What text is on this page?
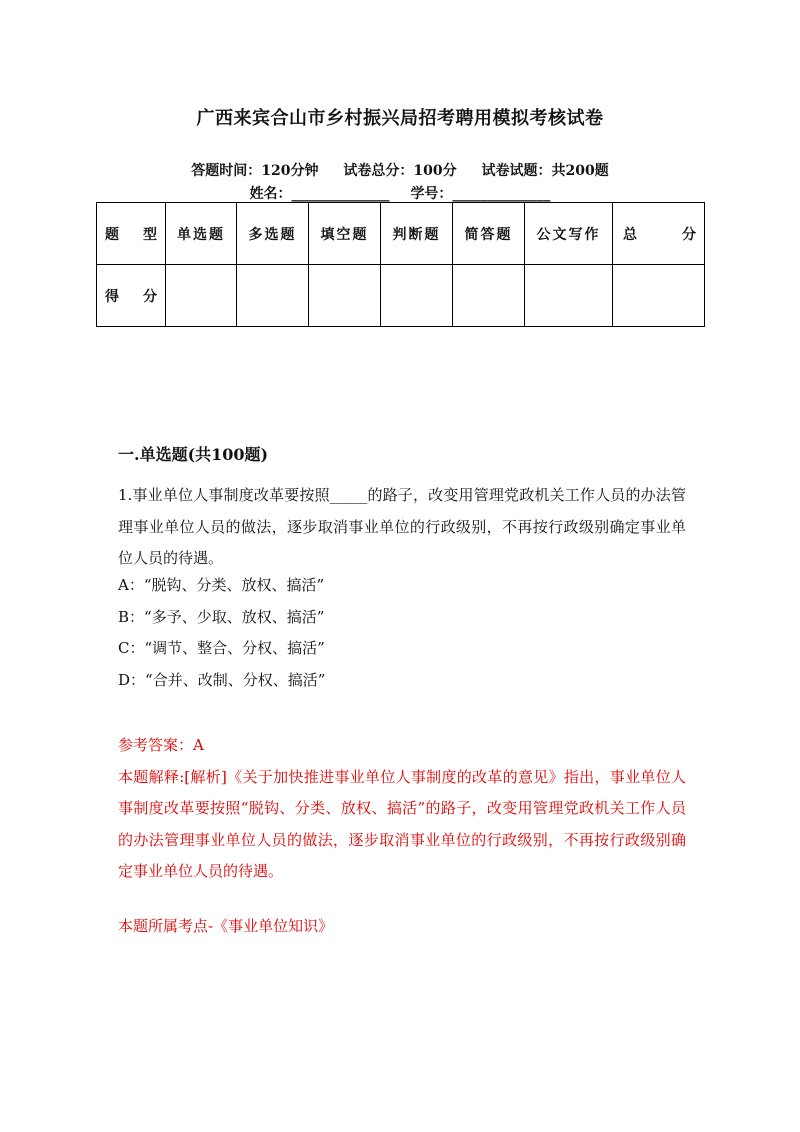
广西来宾合山市乡村振兴局招考聘用模拟考核试卷
答题时间：120分钟 试卷总分：100分 试卷试题：共200题
姓名：______________ 学号：______________
题 型	单选题	多选题	填空题	判断题	简答题	公文写作	总 分

得 分							

一.单选题(共100题)
1.事业单位人事制度改革要按照_____的路子，改变用管理党政机关工作人员的办法管理事业单位人员的做法，逐步取消事业单位的行政级别，不再按行政级别确定事业单位人员的待遇。
A：“脱钩、分类、放权、搞活”
B：“多予、少取、放权、搞活”
C：“调节、整合、分权、搞活”
D：“合并、改制、分权、搞活”
参考答案：A
本题解释:[解析]《关于加快推进事业单位人事制度的改革的意见》指出，事业单位人事制度改革要按照“脱钩、分类、放权、搞活”的路子，改变用管理党政机关工作人员的办法管理事业单位人员的做法，逐步取消事业单位的行政级别，不再按行政级别确定事业单位人员的待遇。
本题所属考点-《事业单位知识》
